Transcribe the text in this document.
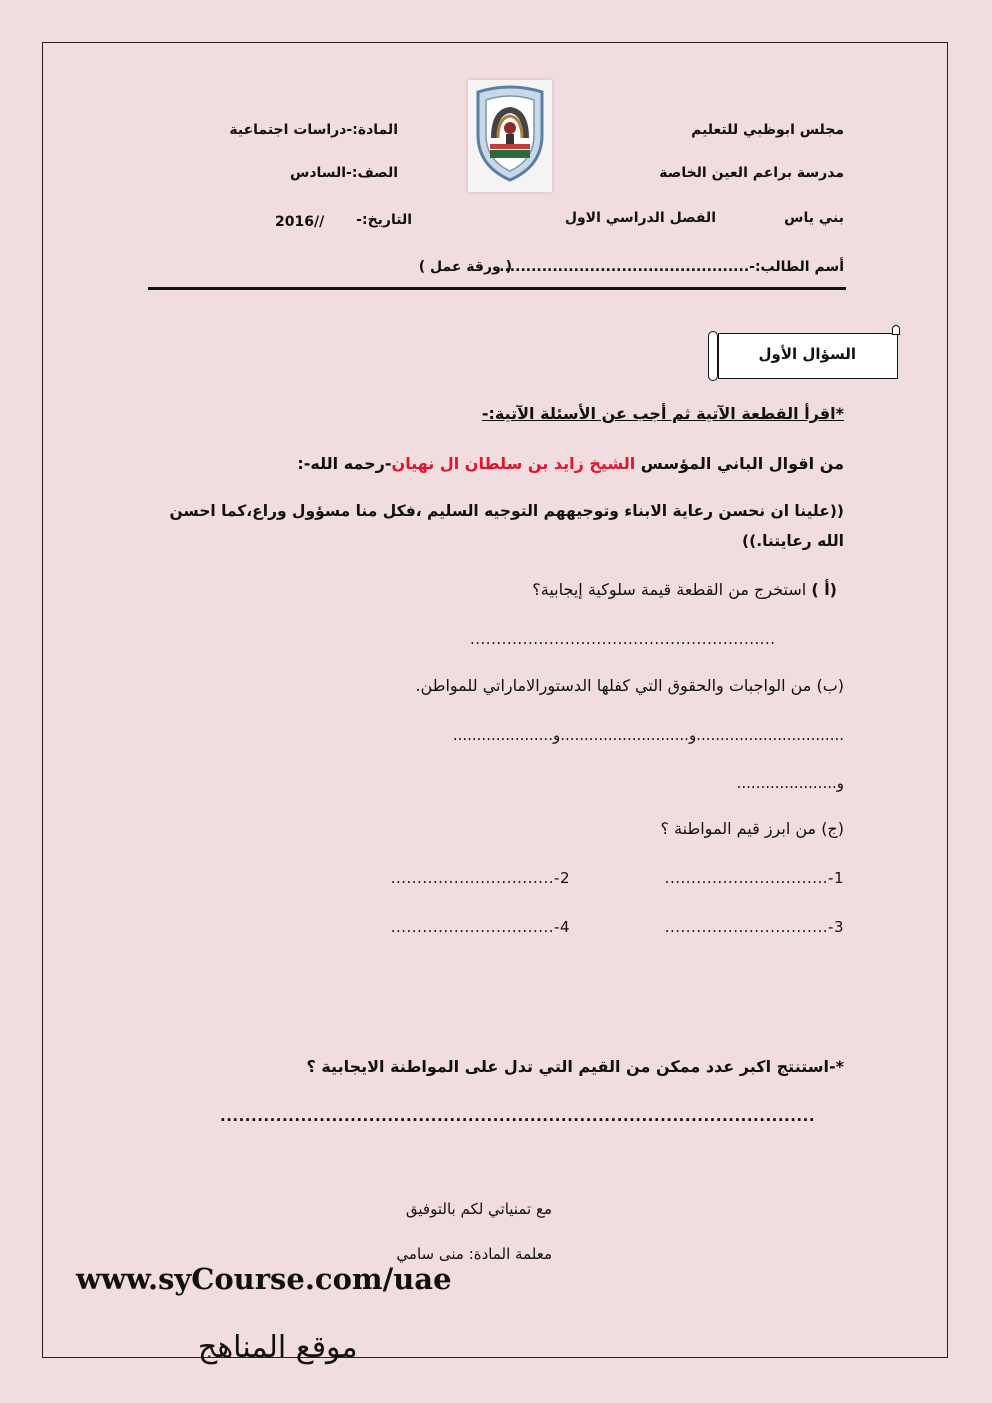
مجلس ابوظبي للتعليم
مدرسة براعم العين الخاصة
بني ياس
الفصل الدراسي الاول
المادة:-دراسات اجتماعية
الصف:-السادس
التاريخ:-
2016//
أسم الطالب:-...............................................
( ورقة عمل )
السؤال الأول
*اقرأ القطعة الآتية ثم أجب عن الأسئلة الآتية:-
من اقوال الباني المؤسس الشيخ زايد بن سلطان ال نهيان-رحمه الله-:
((علينا ان نحسن رعاية الابناء وتوجيههم التوجيه السليم ،فكل منا مسؤول وراع،كما احسن
الله رعايتنا.))
(أ ) استخرج من القطعة قيمة سلوكية إيجابية؟
..........................................................
(ب) من الواجبات والحقوق التي كفلها الدستورالاماراتي للمواطن.
...............................و...........................و.....................
و.....................
(ج) من ابرز قيم المواطنة ؟
1-...............................
2-...............................
3-...............................
4-...............................
*-استنتج اكبر عدد ممكن من القيم التي تدل على المواطنة الايجابية ؟
................................................................................................
مع تمنياتي لكم بالتوفيق
معلمة المادة: منى سامي
www.syCourse.com/uae
موقع المناهج
